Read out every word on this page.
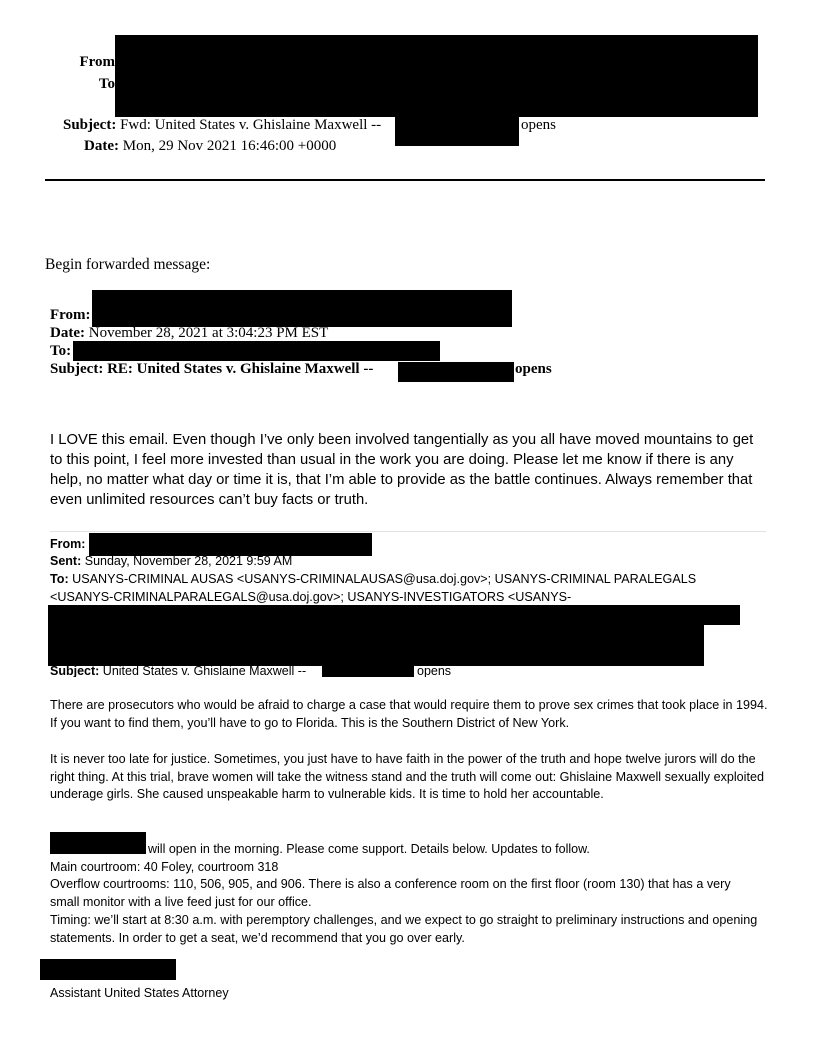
From
To
Subject: Fwd: United States v. Ghislaine Maxwell --	opens
Date: Mon, 29 Nov 2021 16:46:00 +0000
Begin forwarded message:
From:
Date: November 28, 2021 at 3:04:23 PM EST
To:
Subject: RE: United States v. Ghislaine Maxwell --	opens
I LOVE this email. Even though I’ve only been involved tangentially as you all have moved mountains to get to this point, I feel more invested than usual in the work you are doing. Please let me know if there is any help, no matter what day or time it is, that I’m able to provide as the battle continues. Always remember that even unlimited resources can’t buy facts or truth.
From:
Sent: Sunday, November 28, 2021 9:59 AM
To: USANYS-CRIMINAL AUSAS <USANYS-CRIMINALAUSAS@usa.doj.gov>; USANYS-CRIMINAL PARALEGALS <USANYS-CRIMINALPARALEGALS@usa.doj.gov>; USANYS-INVESTIGATORS <USANYS-
Subject: United States v. Ghislaine Maxwell --	opens
There are prosecutors who would be afraid to charge a case that would require them to prove sex crimes that took place in 1994. If you want to find them, you’ll have to go to Florida. This is the Southern District of New York.
It is never too late for justice. Sometimes, you just have to have faith in the power of the truth and hope twelve jurors will do the right thing. At this trial, brave women will take the witness stand and the truth will come out: Ghislaine Maxwell sexually exploited underage girls. She caused unspeakable harm to vulnerable kids. It is time to hold her accountable.
will open in the morning. Please come support. Details below. Updates to follow.
Main courtroom: 40 Foley, courtroom 318
Overflow courtrooms: 110, 506, 905, and 906. There is also a conference room on the first floor (room 130) that has a very small monitor with a live feed just for our office.
Timing: we’ll start at 8:30 a.m. with peremptory challenges, and we expect to go straight to preliminary instructions and opening statements. In order to get a seat, we’d recommend that you go over early.
Assistant United States Attorney
